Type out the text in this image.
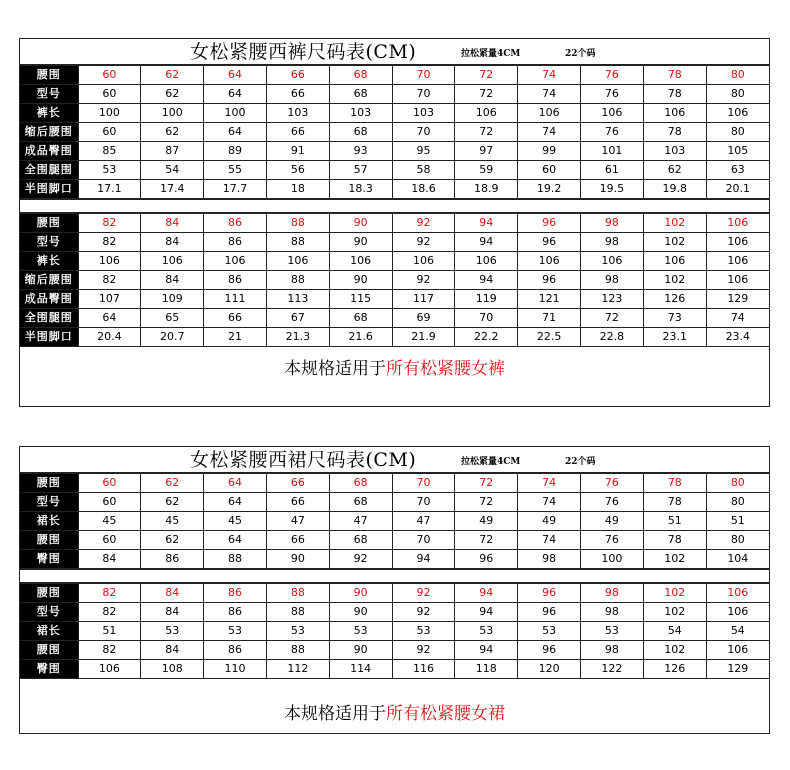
女松紧腰西裤尺码表(CM)	拉松紧量4CM	22个码
腰围	60	62	64	66	68	70	72	74	76	78	80
型号	60	62	64	66	68	70	72	74	76	78	80
裤长	100	100	100	103	103	103	106	106	106	106	106
缩后腰围	60	62	64	66	68	70	72	74	76	78	80
成品臀围	85	87	89	91	93	95	97	99	101	103	105
全围腿围	53	54	55	56	57	58	59	60	61	62	63
半围脚口	17.1	17.4	17.7	18	18.3	18.6	18.9	19.2	19.5	19.8	20.1
腰围	82	84	86	88	90	92	94	96	98	102	106
型号	82	84	86	88	90	92	94	96	98	102	106
裤长	106	106	106	106	106	106	106	106	106	106	106
缩后腰围	82	84	86	88	90	92	94	96	98	102	106
成品臀围	107	109	111	113	115	117	119	121	123	126	129
全围腿围	64	65	66	67	68	69	70	71	72	73	74
半围脚口	20.4	20.7	21	21.3	21.6	21.9	22.2	22.5	22.8	23.1	23.4
本规格适用于所有松紧腰女裤
女松紧腰西裙尺码表(CM)	拉松紧量4CM	22个码
腰围	60	62	64	66	68	70	72	74	76	78	80
型号	60	62	64	66	68	70	72	74	76	78	80
裙长	45	45	45	47	47	47	49	49	49	51	51
腰围	60	62	64	66	68	70	72	74	76	78	80
臀围	84	86	88	90	92	94	96	98	100	102	104
腰围	82	84	86	88	90	92	94	96	98	102	106
型号	82	84	86	88	90	92	94	96	98	102	106
裙长	51	53	53	53	53	53	53	53	53	54	54
腰围	82	84	86	88	90	92	94	96	98	102	106
臀围	106	108	110	112	114	116	118	120	122	126	129
本规格适用于所有松紧腰女裙
